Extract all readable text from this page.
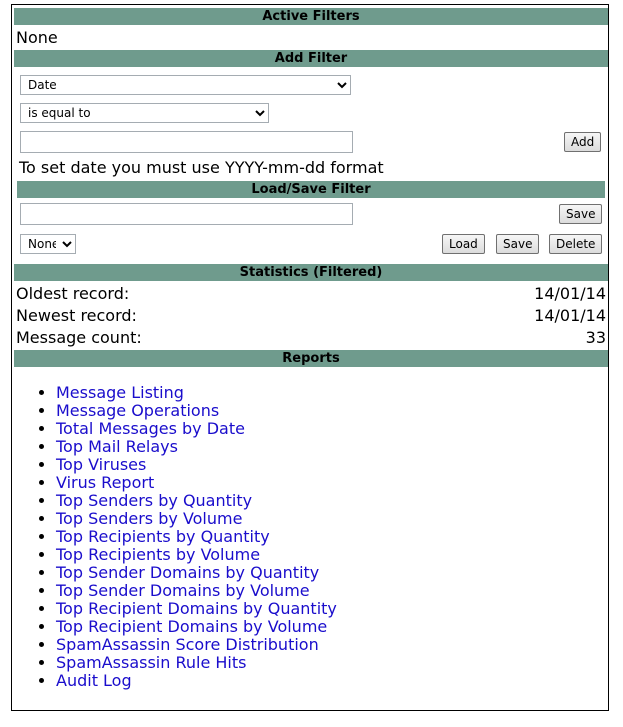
Active Filters
None
Add Filter
Date
is equal to
Add
To set date you must use YYYY-mm-dd format
Load/Save Filter
Save
None
Load	Save	Delete
Statistics (Filtered)
Oldest record:	14/01/14
Newest record:	14/01/14
Message count:	33
Reports
• Message Listing
• Message Operations
• Total Messages by Date
• Top Mail Relays
• Top Viruses
• Virus Report
• Top Senders by Quantity
• Top Senders by Volume
• Top Recipients by Quantity
• Top Recipients by Volume
• Top Sender Domains by Quantity
• Top Sender Domains by Volume
• Top Recipient Domains by Quantity
• Top Recipient Domains by Volume
• SpamAssassin Score Distribution
• SpamAssassin Rule Hits
• Audit Log
